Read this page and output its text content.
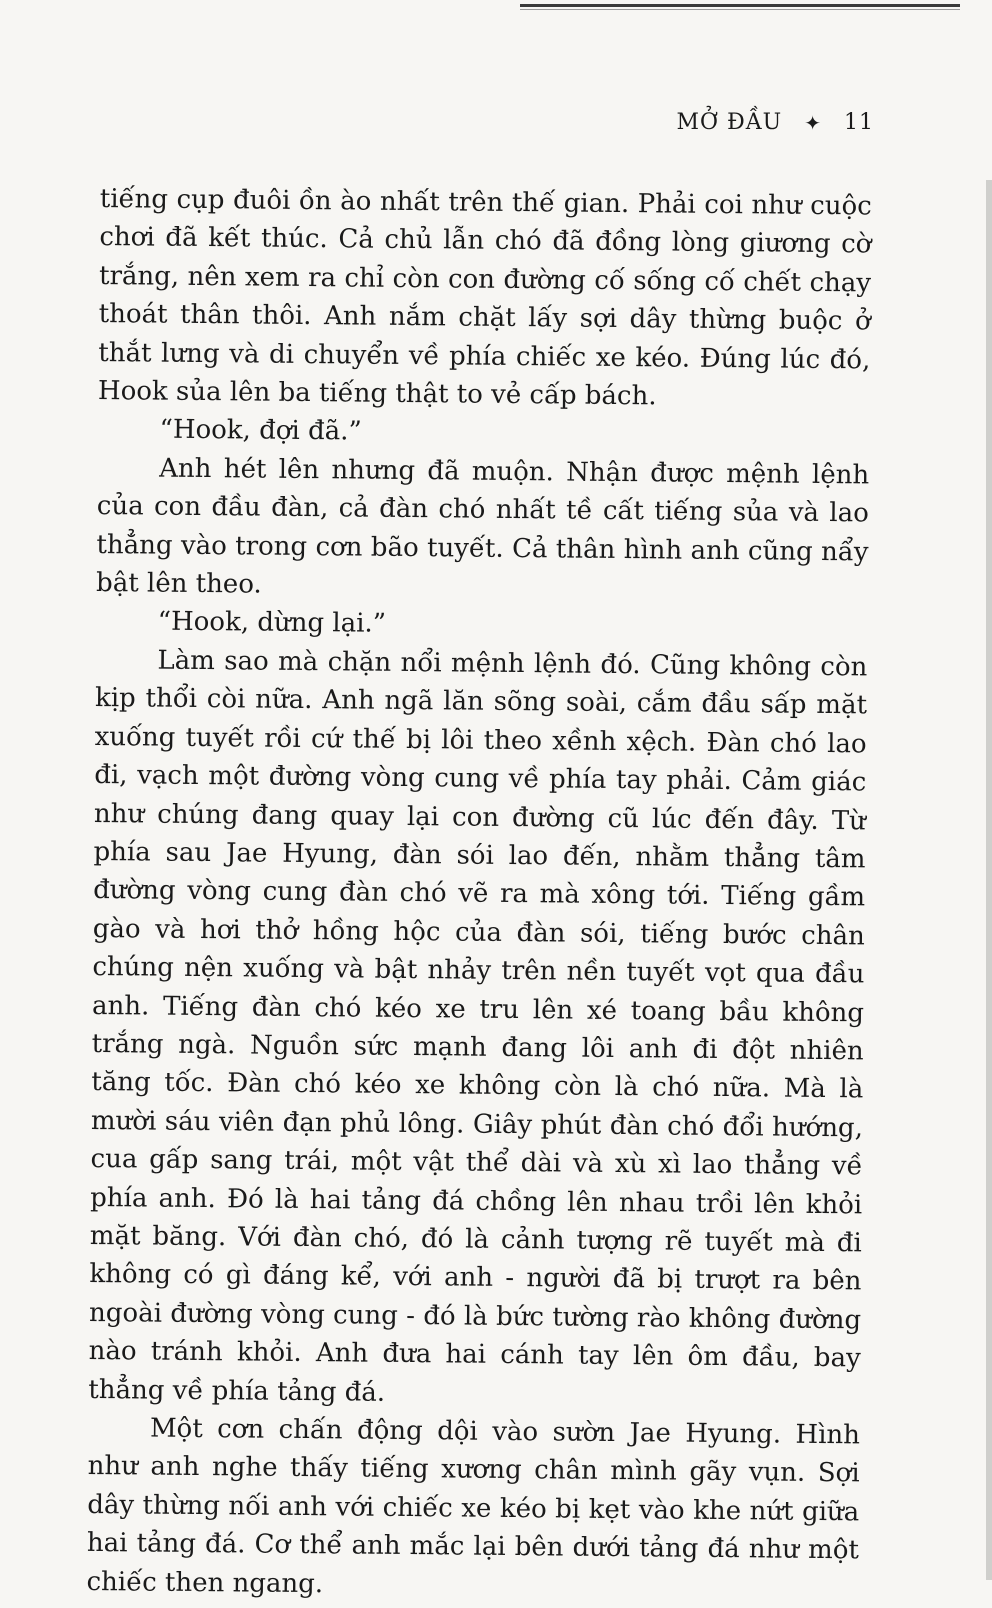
MỞ ĐẦU ✦ 11

tiếng cụp đuôi ồn ào nhất trên thế gian. Phải coi như cuộc chơi đã kết thúc. Cả chủ lẫn chó đã đồng lòng giương cờ trắng, nên xem ra chỉ còn con đường cố sống cố chết chạy thoát thân thôi. Anh nắm chặt lấy sợi dây thừng buộc ở thắt lưng và di chuyển về phía chiếc xe kéo. Đúng lúc đó, Hook sủa lên ba tiếng thật to vẻ cấp bách.

“Hook, đợi đã.”

Anh hét lên nhưng đã muộn. Nhận được mệnh lệnh của con đầu đàn, cả đàn chó nhất tề cất tiếng sủa và lao thẳng vào trong cơn bão tuyết. Cả thân hình anh cũng nẩy bật lên theo.

“Hook, dừng lại.”

Làm sao mà chặn nổi mệnh lệnh đó. Cũng không còn kịp thổi còi nữa. Anh ngã lăn sõng soài, cắm đầu sấp mặt xuống tuyết rồi cứ thế bị lôi theo xềnh xệch. Đàn chó lao đi, vạch một đường vòng cung về phía tay phải. Cảm giác như chúng đang quay lại con đường cũ lúc đến đây. Từ phía sau Jae Hyung, đàn sói lao đến, nhằm thẳng tâm đường vòng cung đàn chó vẽ ra mà xông tới. Tiếng gầm gào và hơi thở hồng hộc của đàn sói, tiếng bước chân chúng nện xuống và bật nhảy trên nền tuyết vọt qua đầu anh. Tiếng đàn chó kéo xe tru lên xé toang bầu không trắng ngà. Nguồn sức mạnh đang lôi anh đi đột nhiên tăng tốc. Đàn chó kéo xe không còn là chó nữa. Mà là mười sáu viên đạn phủ lông. Giây phút đàn chó đổi hướng, cua gấp sang trái, một vật thể dài và xù xì lao thẳng về phía anh. Đó là hai tảng đá chồng lên nhau trồi lên khỏi mặt băng. Với đàn chó, đó là cảnh tượng rẽ tuyết mà đi không có gì đáng kể, với anh - người đã bị trượt ra bên ngoài đường vòng cung - đó là bức tường rào không đường nào tránh khỏi. Anh đưa hai cánh tay lên ôm đầu, bay thẳng về phía tảng đá.

Một cơn chấn động dội vào sườn Jae Hyung. Hình như anh nghe thấy tiếng xương chân mình gãy vụn. Sợi dây thừng nối anh với chiếc xe kéo bị kẹt vào khe nứt giữa hai tảng đá. Cơ thể anh mắc lại bên dưới tảng đá như một chiếc then ngang.
